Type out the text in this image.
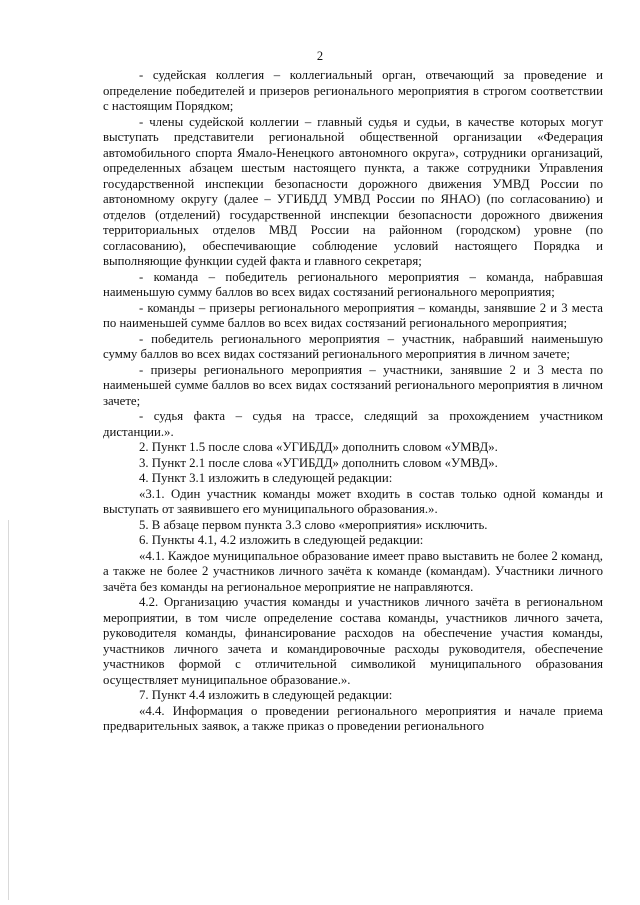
2

- судейская коллегия – коллегиальный орган, отвечающий за проведение и определение победителей и призеров регионального мероприятия в строгом соответствии с настоящим Порядком;

- члены судейской коллегии – главный судья и судьи, в качестве которых могут выступать представители региональной общественной организации «Федерация автомобильного спорта Ямало-Ненецкого автономного округа», сотрудники организаций, определенных абзацем шестым настоящего пункта, а также сотрудники Управления государственной инспекции безопасности дорожного движения УМВД России по автономному округу (далее – УГИБДД УМВД России по ЯНАО) (по согласованию) и отделов (отделений) государственной инспекции безопасности дорожного движения территориальных отделов МВД России на районном (городском) уровне (по согласованию), обеспечивающие соблюдение условий настоящего Порядка и выполняющие функции судей факта и главного секретаря;

- команда – победитель регионального мероприятия – команда, набравшая наименьшую сумму баллов во всех видах состязаний регионального мероприятия;

- команды – призеры регионального мероприятия – команды, занявшие 2 и 3 места по наименьшей сумме баллов во всех видах состязаний регионального мероприятия;

- победитель регионального мероприятия – участник, набравший наименьшую сумму баллов во всех видах состязаний регионального мероприятия в личном зачете;

- призеры регионального мероприятия – участники, занявшие 2 и 3 места по наименьшей сумме баллов во всех видах состязаний регионального мероприятия в личном зачете;

- судья факта – судья на трассе, следящий за прохождением участником дистанции.».

2. Пункт 1.5 после слова «УГИБДД» дополнить словом «УМВД».

3. Пункт 2.1 после слова «УГИБДД» дополнить словом «УМВД».

4. Пункт 3.1 изложить в следующей редакции:

«3.1. Один участник команды может входить в состав только одной команды и выступать от заявившего его муниципального образования.».

5. В абзаце первом пункта 3.3 слово «мероприятия» исключить.

6. Пункты 4.1, 4.2 изложить в следующей редакции:

«4.1. Каждое муниципальное образование имеет право выставить не более 2 команд, а также не более 2 участников личного зачёта к команде (командам). Участники личного зачёта без команды на региональное мероприятие не направляются.

4.2. Организацию участия команды и участников личного зачёта в региональном мероприятии, в том числе определение состава команды, участников личного зачета, руководителя команды, финансирование расходов на обеспечение участия команды, участников личного зачета и командировочные расходы руководителя, обеспечение участников формой с отличительной символикой муниципального образования осуществляет муниципальное образование.».

7. Пункт 4.4 изложить в следующей редакции:

«4.4. Информация о проведении регионального мероприятия и начале приема предварительных заявок, а также приказ о проведении регионального
